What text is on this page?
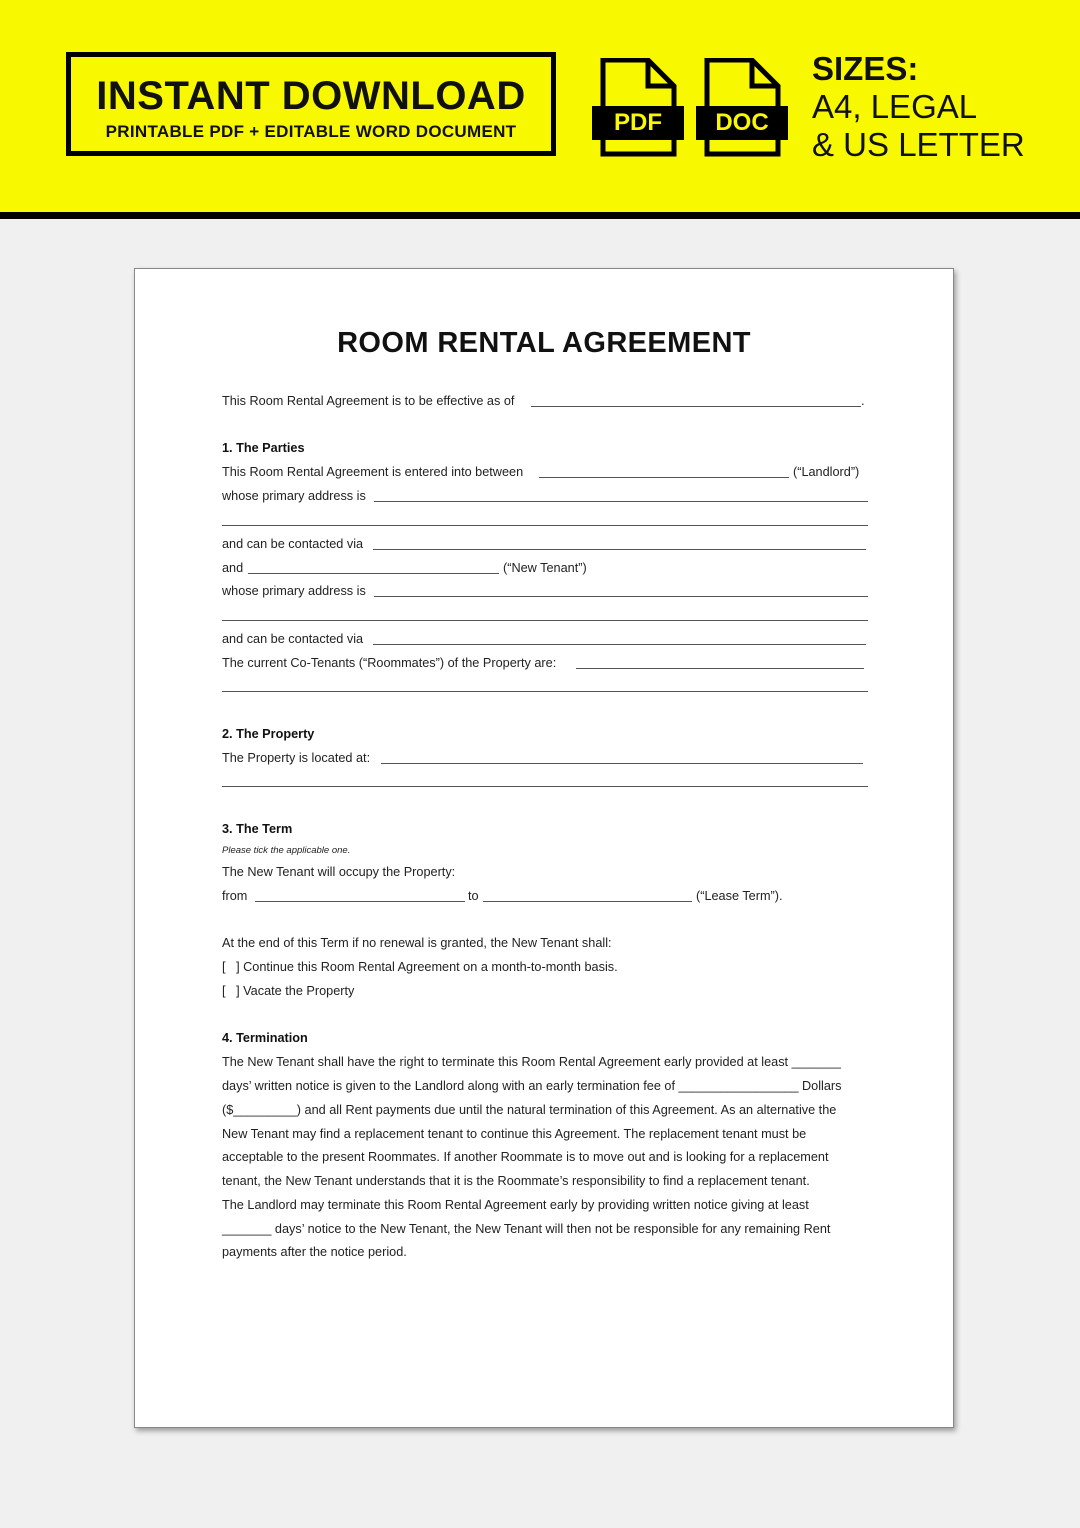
INSTANT DOWNLOAD
PRINTABLE PDF + EDITABLE WORD DOCUMENT	PDF	DOC
SIZES:
A4, LEGAL
& US LETTER
ROOM RENTAL AGREEMENT
This Room Rental Agreement is to be effective as of	.
1. The Parties
This Room Rental Agreement is entered into between	(“Landlord”)
whose primary address is
and can be contacted via
and	(“New Tenant”)
whose primary address is
and can be contacted via
The current Co-Tenants (“Roommates”) of the Property are:
2. The Property
The Property is located at:
3. The Term
Please tick the applicable one.
The New Tenant will occupy the Property:
from	to	(“Lease Term”).
At the end of this Term if no renewal is granted, the New Tenant shall:
[   ] Continue this Room Rental Agreement on a month-to-month basis.
[   ] Vacate the Property
4. Termination
The New Tenant shall have the right to terminate this Room Rental Agreement early provided at least _______
days’ written notice is given to the Landlord along with an early termination fee of _________________ Dollars
($_________) and all Rent payments due until the natural termination of this Agreement. As an alternative the
New Tenant may find a replacement tenant to continue this Agreement. The replacement tenant must be
acceptable to the present Roommates. If another Roommate is to move out and is looking for a replacement
tenant, the New Tenant understands that it is the Roommate’s responsibility to find a replacement tenant.
The Landlord may terminate this Room Rental Agreement early by providing written notice giving at least
_______ days’ notice to the New Tenant, the New Tenant will then not be responsible for any remaining Rent
payments after the notice period.
